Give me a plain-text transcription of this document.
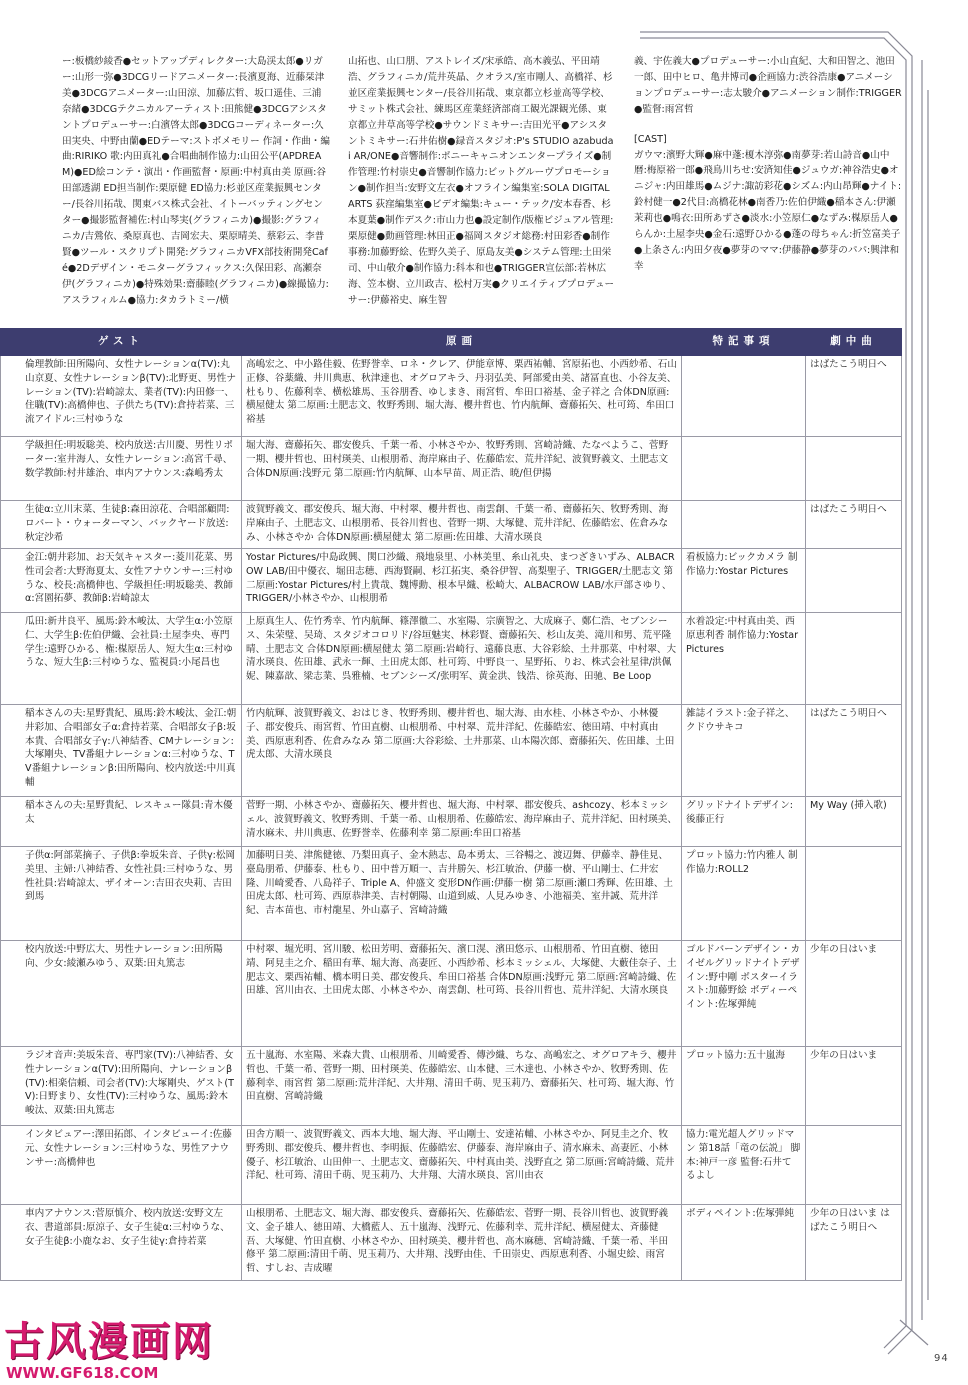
ー:板橋紗綾香●セットアップディレクター:大島渓太郎●リガー:山形一弥●3DCGリードアニメーター:長濱夏海、近藤栞津美●3DCGアニメーター:山田涼、加藤広哲、坂口遥佳、三浦奈緒●3DCGテクニカルアーティスト:田熊健●3DCGアシスタントプロデューサー:白濱啓太郎●3DCGコーディネーター:久田実央、中野由蘭●EDテーマ:ストボメモリー 作詞・作曲・編曲:RIRIKO 歌:内田真礼●合唱曲制作協力:山田公平(APDREAM)●ED絵コンテ・演出・作画監督・原画:中村真由美 原画:谷田部透湖 ED担当制作:栗原健 ED協力:杉並区産業振興センター/長谷川拓哉、関東バス株式会社、イトーバッティングセンター●撮影監督補佐:村山琴実(グラフィニカ)●撮影:グラフィニカ/吉鶯依、桑原真也、吉岡宏夫、栗原晴美、蔡彩云、李普賢●ツール・スクリプト開発:グラフィニカVFX部技術開発Café●2Dデザイン・モニターグラフィックス:久保田彩、高瀬奈伊(グラフィニカ)●特殊効果:齋藤睦(グラフィニカ)●線撮協力:アスラフィルム●協力:タカラトミー/横
山拓也、山口朋、アストレイズ/宋承皓、高木義弘、平田靖浩、グラフィニカ/荒井英晶、クオラス/室市剛人、高橋祥、杉並区産業振興センター/長谷川拓哉、東京都立杉並高等学校、サミット株式会社、練馬区産業経済部商工観光課観光係、東京都立井草高等学校●サウンドミキサー:吉田光平●アシスタントミキサー:石井佑樹●録音スタジオ:P's STUDIO azabudai AR/ONE●音響制作:ポニーキャニオンエンタープライズ●制作管理:竹村崇史●音響制作協力:ビットグルーヴプロモーション●制作担当:安野文左衣●オフライン編集室:SOLA DIGITAL ARTS 荻窪編集室●ビデオ編集:キュー・テック/安本春香、杉本夏葉●制作デスク:市山力也●設定制作/版権ビジュアル管理:栗原健●動画管理:林田正●福岡スタジオ総務:村田彩香●制作事務:加藤野絵、佐野久美子、原島友美●システム管理:土田栄司、中山敬介●制作協力:科本和也●TRIGGER宣伝部:若林広海、笠本樹、立川政吉、松村万実●クリエイティブプロデューサー:伊藤裕史、麻生智
義、宇佐義大●プロデューサー:小山直紀、大和田智之、池田一郎、田中ヒロ、亀井博司●企画協力:渋谷浩康●アニメーションプロデューサー:志太駿介●アニメーション制作:TRIGGER●監督:雨宮哲
[CAST]
ガウマ:濱野大輝●麻中蓬:榎木淳弥●南夢芽:若山詩音●山中暦:梅原裕一郎●飛鳥川ちせ:安済知佳●ジュウガ:神谷浩史●オニジャ:内田雄馬●ムジナ:諏訪彩花●シズム:内山昂輝●ナイト:鈴村健一●2代目:高橋花林●南香乃:佐伯伊織●稲本さん:伊瀬茉莉也●鳴衣:田所あずさ●淡水:小笠原仁●なずみ:楳原岳人●らんか:土屋李央●金石:遠野ひかる●蓬の母ちゃん:折笠富美子●上条さん:内田夕夜●夢芽のママ:伊藤静●夢芽のパパ:興津和幸
ゲスト	原画	特記事項	劇中曲
倫理教師:田所陽向、女性ナレーションα(TV):丸山京夏、女性ナレーションβ(TV):北野更、男性ナレーション(TV):岩崎諒太、業者(TV):内田修一、住職(TV):高橋伸也、子供たち(TV):倉持若菜、三流アイドル:三村ゆうな	高嶋宏之、中小路佳毅、佐野誉幸、ロネ・クレア、伊能章博、栗西祐輔、宮原拓也、小西紗希、石山正修、谷薬織、井川典恵、秋津達也、オグロアキラ、丹羽弘美、阿部愛由美、諸冨直也、小谷友美、杜もり、佐藤利幸、横松雄馬、玉谷朋香、ゆしまき、雨宮哲、牟田口裕基、金子祥之 合体DN原画:横屋健太 第二原画:土肥志文、牧野秀則、堀大海、櫻井哲也、竹内航輝、齋藤拓矢、杜可筠、牟田口裕基		はばたこう明日へ
学級担任:明坂聡美、校内放送:古川慶、男性リポーター:室井海人、女性ナレーション:高宮千尋、数学教師:村井雄治、車内アナウンス:森嶋秀太	堀大海、齋藤拓矢、郡安俊兵、千葉一希、小林さやか、牧野秀則、宮崎詩織、たなべようこ、菅野一期、櫻井哲也、田村瑛美、山根朋希、海岸麻由子、佐藤皓宏、荒井洋紀、波賀野義文、土肥志文 合体DN原画:浅野元 第二原画:竹内航輝、山本早苗、周正浩、暁/但伊揚		
生徒α:立川末菜、生徒β:森田涼花、合唱部顧問:ロバート・ウォーターマン、バックヤード放送:秋定沙希	波賀野義文、郡安俊兵、堀大海、中村翠、櫻井哲也、南雲創、千葉一希、齋藤拓矢、牧野秀則、海岸麻由子、土肥志文、山根朋希、長谷川哲也、菅野一期、大塚健、荒井洋紀、佐藤皓宏、佐倉みなみ、小林さやか 合体DN原画:横屋健太 第二原画:佐田雄、大清水瑛良		はばたこう明日へ
金江:朝井彩加、お天気キャスター:菱川花菜、男性司会者:大野海夏太、女性アナウンサー:三村ゆうな、校長:高橋伸也、学級担任:明坂聡美、教師α:宮園拓夢、教師β:岩崎諒太	Yostar Pictures/中島政興、関口沙織、飛地泉里、小林美里、糸山礼央、まつざきいずみ、ALBACROW LAB/田中優衣、堀田志穂、西海賢嗣、杉江拓実、桑谷伊智、高梨聖子、TRIGGER/土肥志文 第二原画:Yostar Pictures/村上貴哉、魏博勳、根本早織、松崎大、ALBACROW LAB/水戸部さゆり、TRIGGER/小林さやか、山根朋希	看板協力:ビックカメラ 制作協力:Yostar Pictures	
瓜田:新井良平、風馬:鈴木峻汰、大学生α:小笠原仁、大学生β:佐伯伊織、会社員:土屋李央、専門学生:遠野ひかる、権:楳原岳人、短大生α:三村ゆうな、短大生β:三村ゆうな、監視員:小尾昌也	上原真生人、佐竹秀幸、竹内航輝、篠澤徹二、水室陽、宗廣智之、大成麻子、鄭仁浩、セブンシース、朱荣璧、吴琦、スタジオコロリド/谷垣魅実、林彩賢、齋藤拓矢、杉山友美、滝川和男、荒平隆晴、土肥志文 合体DN原画:横屋健太 第二原画:岩崎行、遠藤良恵、大谷彩絵、土井那菜、中村翠、大清水瑛良、佐田雄、武永一輝、土田虎太郎、杜可筠、中野良一、星野拓、りお、株式会社星律/洪佩妮、陳嘉歆、梁志業、呉雅楠、セブンシーズ/张明军、黄金洪、钱浩、徐英海、田驰、Be Loop	水着設定:中村真由美、西原恵利香 制作協力:Yostar Pictures	
稲本さんの夫:星野貴紀、風馬:鈴木峻汰、金江:朝井彩加、合唱部女子α:倉持若菜、合唱部女子β:坂本貴、合唱部女子γ:八神結香、CMナレーション:大塚剛央、TV番組ナレーションα:三村ゆうな、TV番組ナレーションβ:田所陽向、校内放送:中川真輔	竹内航輝、波賀野義文、おはじき、牧野秀則、櫻井哲也、堀大海、由水桂、小林さやか、小林優子、郡安俊兵、雨宮哲、竹田直樹、山根朋希、中村翠、荒井洋紀、佐藤皓宏、徳田靖、中村真由美、西原恵利香、佐倉みなみ 第二原画:大谷彩絵、土井那菜、山本陽次郎、齋藤拓矢、佐田雄、土田虎太郎、大清水瑛良	雑誌イラスト:金子祥之、クドウサキコ	はばたこう明日へ
稲本さんの夫:星野貴紀、レスキュー隊員:青木優太	菅野一期、小林さやか、齋藤拓矢、櫻井哲也、堀大海、中村翠、郡安俊兵、ashcozy、杉本ミッシェル、波賀野義文、牧野秀則、千葉一希、山根朋希、佐藤皓宏、海岸麻由子、荒井洋紀、田村瑛美、清水麻未、井川典恵、佐野誉幸、佐藤利幸 第二原画:牟田口裕基	グリッドナイトデザイン:後藤正行	My Way (挿入歌)
子供α:阿部菜摘子、子供β:拳坂朱音、子供γ:松岡美里、主婦:八神結香、女性社員:三村ゆうな、男性社員:岩崎諒太、ザイオーン:吉田衣央莉、吉田到馬	加藤明日美、津熊健徳、乃梨田真子、金木熱志、島本勇太、三谷暢之、渡辺舞、伊藤幸、静佳見、臺島朋希、伊藤泰、杜もり、田中普万順一、吉井勝矢、杉江敏治、伊藤一樹、平山剛士、仁井宏隆、川崎愛香、八島祥子、Triple A、仲盛文 変形DN作画:伊藤一樹 第二原画:瀬口秀輝、佐田雄、土田虎太郎、杜可筠、西原恭津美、吉村朝陽、山道到威、人見みゆき、小池福美、室井誠、荒井洋紀、吉本苗也、市村龍星、外山嘉子、宮崎詩織	プロット協力:竹内雅人 制作協力:ROLL2	
校内放送:中野広大、男性ナレーション:田所陽向、少女:綾瀬みゆう、双葉:田丸篤志	中村翠、堀光明、宮川駿、松田芳明、齋藤拓矢、濱口滉、濱田悠示、山根朋希、竹田直樹、徳田靖、阿見圭之介、稲田有華、堀大海、高妻匠、小西紗希、杉本ミッシェル、大塚健、大藪佳奈子、土肥志文、栗西祐輔、橋本明日美、郡安俊兵、牟田口裕基 合体DN原画:浅野元 第二原画:宮崎詩織、佐田雄、宮川由衣、土田虎太郎、小林さやか、南雲創、杜可筠、長谷川哲也、荒井洋紀、大清水瑛良	ゴルドバーンデザイン・カイゼルグリッドナイトデザイン:野中剛 ボスターイラスト:加藤野絵 ボディーペイント:佐塚弾純	少年の日はいま
ラジオ音声:美坂朱音、専門家(TV):八神結香、女性ナレーションα(TV):田所陽向、ナレーションβ(TV):相楽信頼、司会者(TV):大塚剛央、ゲスト(TV):日野まり、女性(TV):三村ゆうな、風馬:鈴木峻汰、双葉:田丸篤志	五十嵐海、水室陽、米森大貴、山根朋希、川崎愛香、傳沙織、ちな、高嶋宏之、オグロアキラ、櫻井哲也、千葉一希、菅野一期、田村瑛美、佐藤皓宏、山本健、三木達也、小林さやか、牧野秀則、佐藤利幸、雨宮哲 第二原画:荒井洋紀、大井翔、清田千萌、児玉莉乃、齋藤拓矢、杜可筠、堀大海、竹田直樹、宮崎詩織	プロット協力:五十嵐海	少年の日はいま
インタビュアー:澤田拓郎、インタビューイ:佐藤元、女性ナレーション:三村ゆうな、男性アナウンサー:高橋伸也	田舎方順一、波賀野義文、西本大地、堀大海、平山剛士、安達祐輔、小林さやか、阿見圭之介、牧野秀則、郡安俊兵、櫻井哲也、李明振、佐藤皓宏、伊藤泰、海岸麻由子、清水麻未、高妻匠、小林優子、杉江敏治、山田伸一、土肥志文、齋藤拓矢、中村真由美、浅野直之 第二原画:宮崎詩織、荒井洋紀、杜可筠、清田千萌、児玉莉乃、大井翔、大清水瑛良、宮川由衣	協力:電光超人グリッドマン 第18話「竜の伝説」 脚本:神戸一彦 監督:石井てるよし	
車内アナウンス:菅原慎介、校内放送:安野文左衣、書道部員:原涼子、女子生徒α:三村ゆうな、女子生徒β:小鹿なお、女子生徒γ:倉持若菜	山根朋希、土肥志文、堀大海、郡安俊兵、齋藤拓矢、佐藤皓宏、菅野一期、長谷川哲也、波賀野義文、金子雄人、徳田靖、大橋藍人、五十嵐海、浅野元、佐藤利幸、荒井洋紀、横屋健太、斉藤健吾、大塚健、竹田直樹、小林さやか、田村瑛美、櫻井哲也、高木麻穂、宮崎詩織、千葉一希、半田修平 第二原画:清田千萌、児玉莉乃、大井翔、浅野由佳、千田崇史、西原恵利香、小堀史絵、雨宮哲、すしお、吉成曜	ボディペイント:佐塚弾純	少年の日はいま はばたこう明日へ
古风漫画网
WWW.GF618.COM
94
